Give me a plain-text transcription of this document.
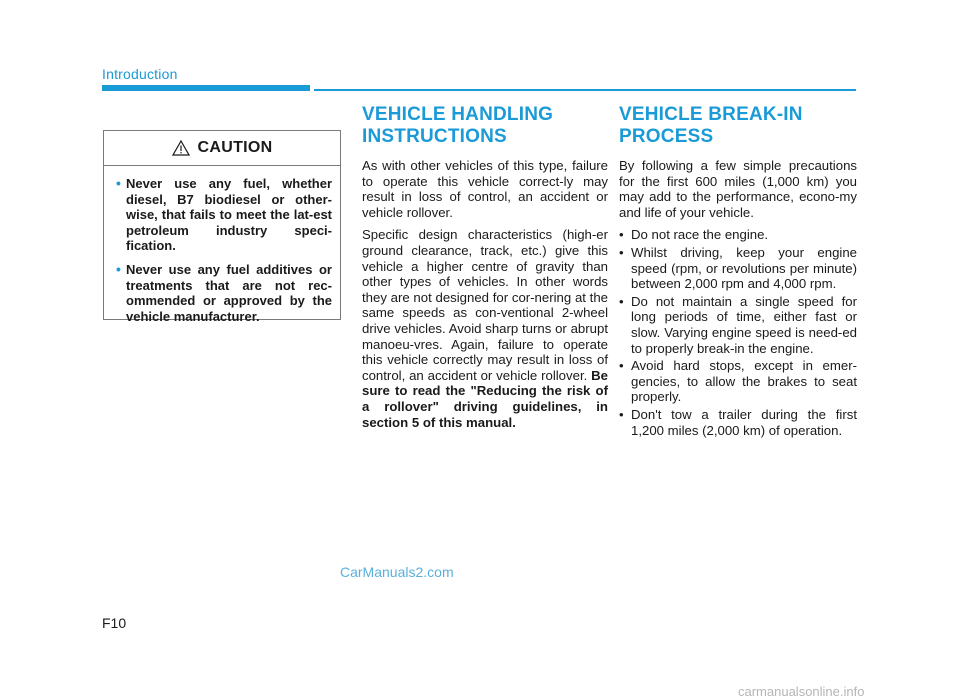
Introduction
CAUTION
• Never use any fuel, whether diesel, B7 biodiesel or other-wise, that fails to meet the lat-est petroleum industry speci-fication.
• Never use any fuel additives or treatments that are not rec-ommended or approved by the vehicle manufacturer.
VEHICLE HANDLING
INSTRUCTIONS

As with other vehicles of this type, failure to operate this vehicle correct-ly may result in loss of control, an accident or vehicle rollover.

Specific design characteristics (high-er ground clearance, track, etc.) give this vehicle a higher centre of gravity than other types of vehicles. In other words they are not designed for cor-nering at the same speeds as con-ventional 2-wheel drive vehicles. Avoid sharp turns or abrupt manoeu-vres. Again, failure to operate this vehicle correctly may result in loss of control, an accident or vehicle rollover. Be sure to read the "Reducing the risk of a rollover" driving guidelines, in section 5 of this manual.

VEHICLE BREAK-IN
PROCESS

By following a few simple precautions for the first 600 miles (1,000 km) you may add to the performance, econo-my and life of your vehicle.

• Do not race the engine.
• Whilst driving, keep your engine speed (rpm, or revolutions per minute) between 2,000 rpm and 4,000 rpm.
• Do not maintain a single speed for long periods of time, either fast or slow. Varying engine speed is need-ed to properly break-in the engine.
• Avoid hard stops, except in emer-gencies, to allow the brakes to seat properly.
• Don't tow a trailer during the first 1,200 miles (2,000 km) of operation.
CarManuals2.com
F10
carmanualsonline.info
